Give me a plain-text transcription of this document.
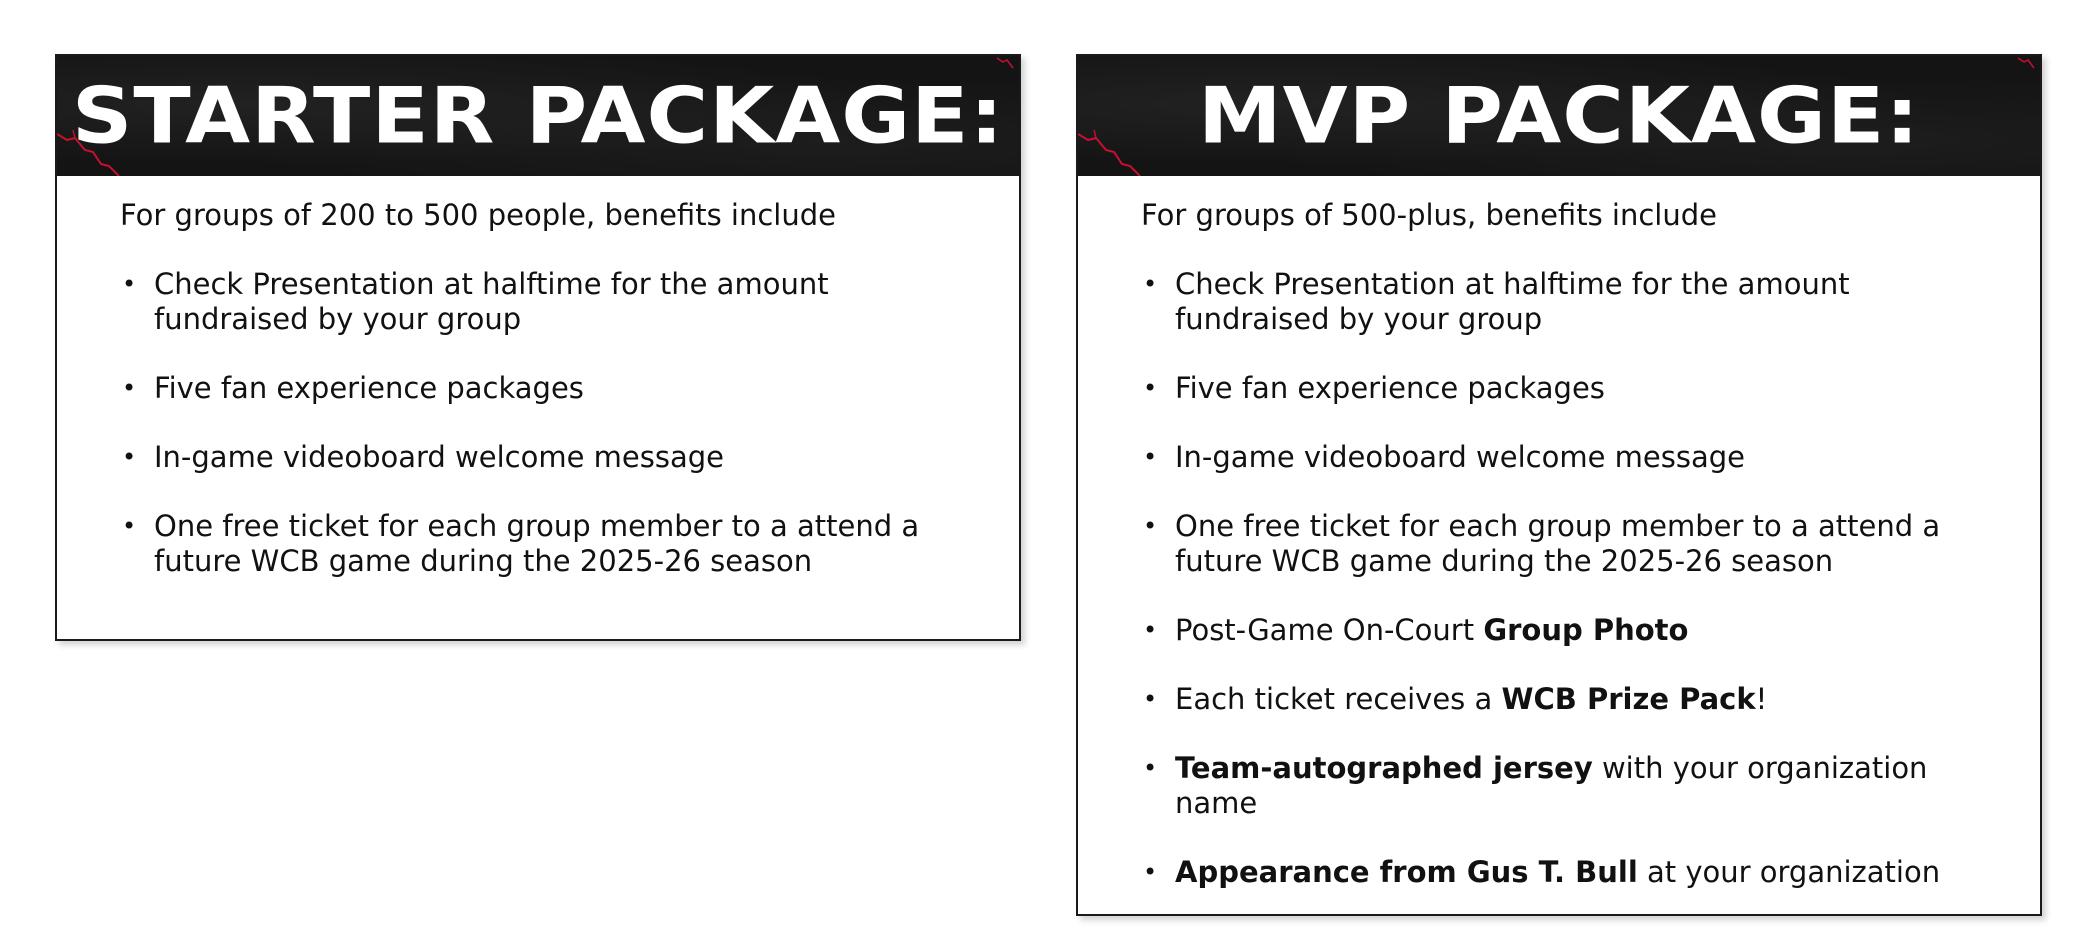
STARTER PACKAGE:

For groups of 200 to 500 people, benefits include

• Check Presentation at halftime for the amount fundraised by your group
• Five fan experience packages
• In-game videoboard welcome message
• One free ticket for each group member to a attend a future WCB game during the 2025-26 season
MVP PACKAGE:

For groups of 500-plus, benefits include

• Check Presentation at halftime for the amount fundraised by your group
• Five fan experience packages
• In-game videoboard welcome message
• One free ticket for each group member to a attend a future WCB game during the 2025-26 season
• Post-Game On-Court Group Photo
• Each ticket receives a WCB Prize Pack!
• Team-autographed jersey with your organization name
• Appearance from Gus T. Bull at your organization
